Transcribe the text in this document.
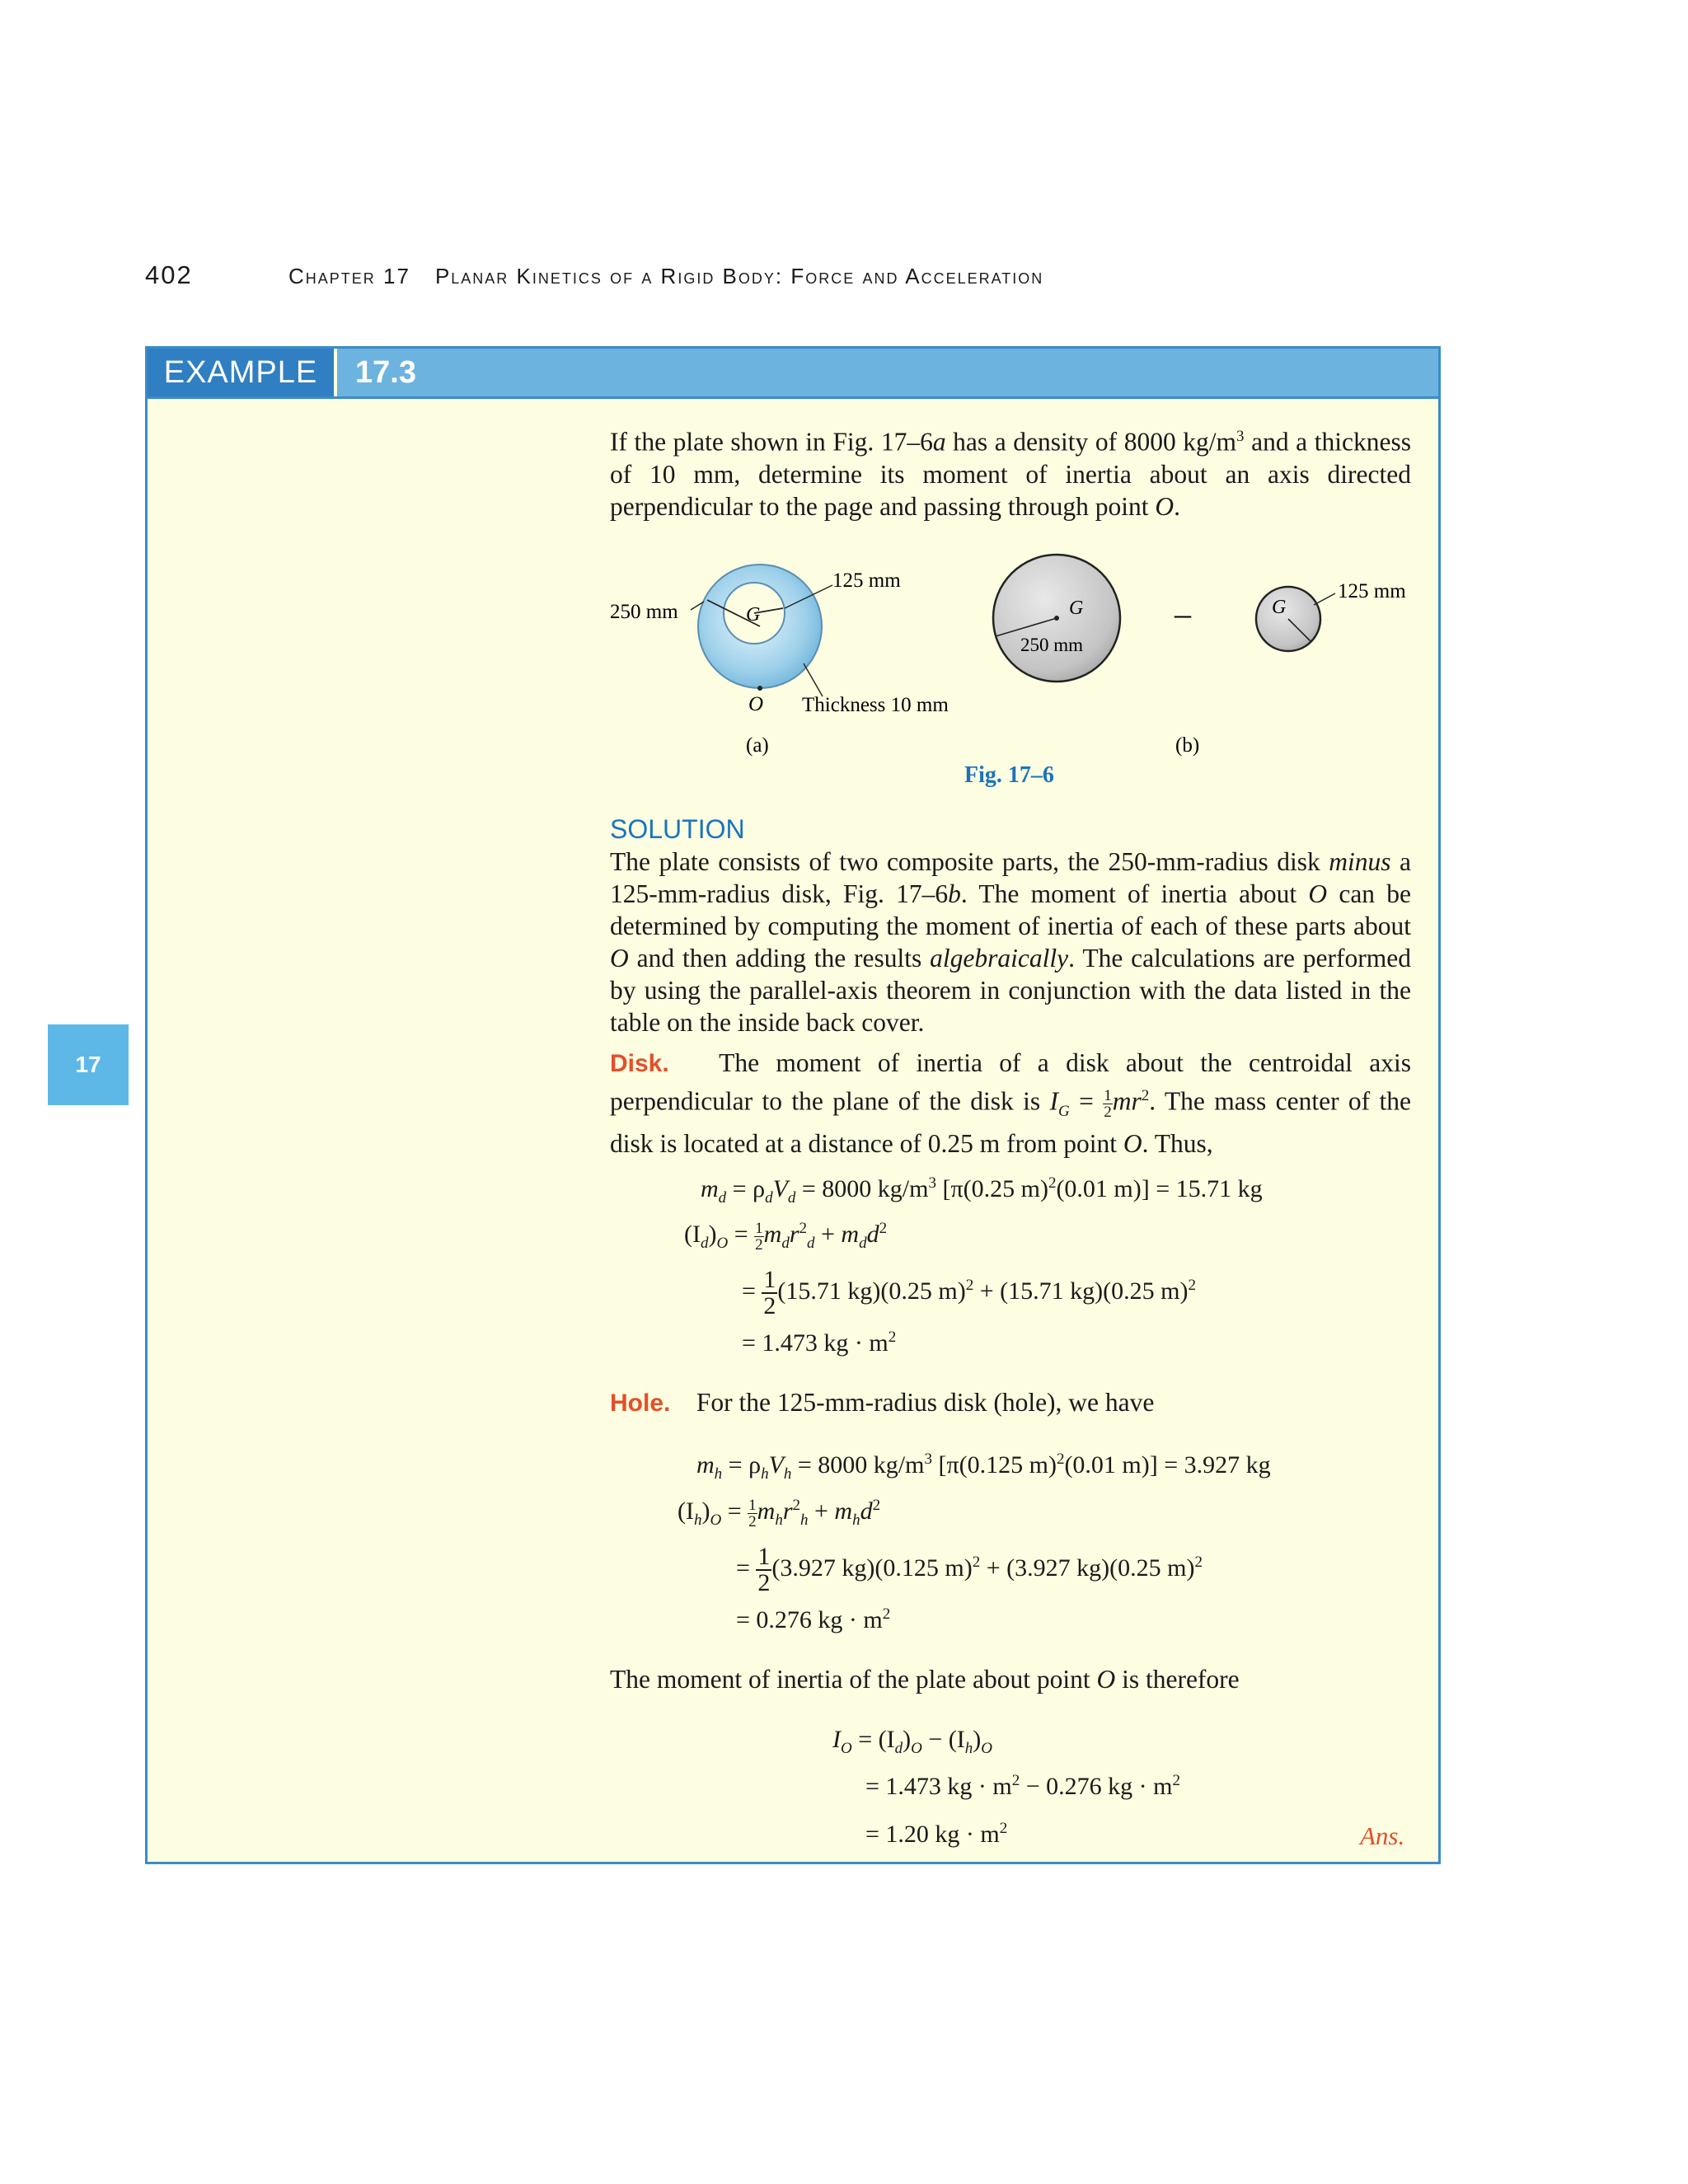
402	Chapter 17 Planar Kinetics of a Rigid Body: Force and Acceleration
17
EXAMPLE	17.3
If the plate shown in Fig. 17–6a has a density of 8000 $kg/m^3$ and a thickness of 10 mm, determine its moment of inertia about an axis directed perpendicular to the page and passing through point O.
250 mm
125 mm
G
O Thickness 10 mm
(a)
G
250 mm
–	G
125 mm
(b)
Fig. 17–6
SOLUTION
The plate consists of two composite parts, the 250-mm-radius disk minus a 125-mm-radius disk, Fig. 17–6b. The moment of inertia about O can be determined by computing the moment of inertia of each of these parts about O and then adding the results algebraically. The calculations are performed by using the parallel-axis theorem in conjunction with the data listed in the table on the inside back cover.
Disk. The moment of inertia of a disk about the centroidal axis perpendicular to the plane of the disk is $I_G = \frac{1}{2} mr^2$. The mass center of the disk is located at a distance of 0.25 m from point O. Thus,
$m_d = \rho_dV_d = 8000$ $kg/m^3$ [π(0.25 m)$^2$(0.01 m)] = 15.71 kg
$(I_d)_O = \frac{1}{2} m_dr^2_d + m_dd^2$
= $\frac{1}{2} (15.71$ kg)(0.25 m)$^2$ + (15.71 kg)(0.25 m)$^2$
= 1.473 kg · $m^2$
Hole. For the 125-mm-radius disk (hole), we have
$m_h = \rho_hV_h = 8000$ $kg/m^3$ [π(0.125 m)$^2$(0.01 m)] = 3.927 kg
$(I_h)_O = \frac{1}{2} m_hr^2_h + m_hd^2$
= $\frac{1}{2} (3.927$ kg)(0.125 m)$^2$ + (3.927 kg)(0.25 m)$^2$
= 0.276 kg · $m^2$
The moment of inertia of the plate about point O is therefore
$I_O = (I_d)_O - (I_h)_O$
= 1.473 kg · $m^2 - 0.276$ kg · $m^2$
= 1.20 kg · $m^2$	Ans.
